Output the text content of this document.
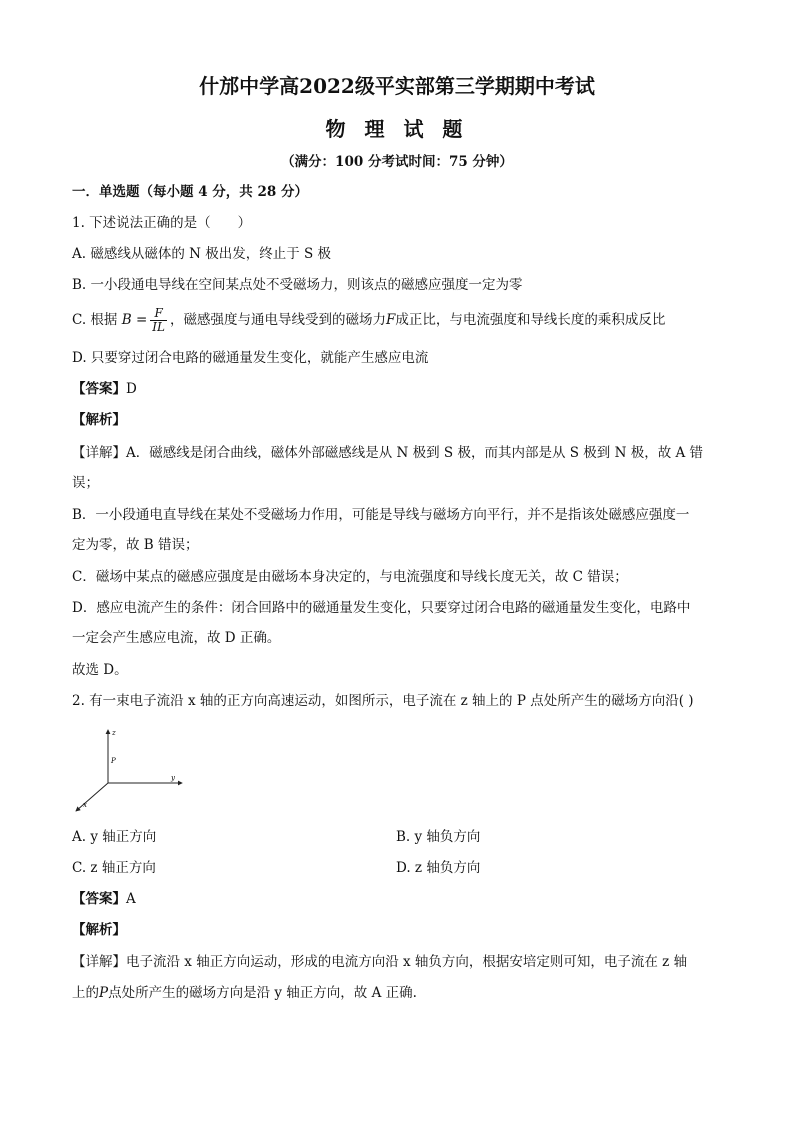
什邡中学高2022级平实部第三学期期中考试
物 理 试 题
（满分：100 分考试时间：75 分钟）
一．单选题（每小题 4 分，共 28 分）
1. 下述说法正确的是（　　）
A. 磁感线从磁体的 N 极出发，终止于 S 极
B. 一小段通电导线在空间某点处不受磁场力，则该点的磁感应强度一定为零
C. 根据 $B = \frac{F}{IL}$ ，磁感强度与通电导线受到的磁场力F成正比，与电流强度和导线长度的乘积成反比
D. 只要穿过闭合电路的磁通量发生变化，就能产生感应电流
【答案】D
【解析】
【详解】A．磁感线是闭合曲线，磁体外部磁感线是从 N 极到 S 极，而其内部是从 S 极到 N 极，故 A 错
误；
B．一小段通电直导线在某处不受磁场力作用，可能是导线与磁场方向平行，并不是指该处磁感应强度一
定为零，故 B 错误；
C．磁场中某点的磁感应强度是由磁场本身决定的，与电流强度和导线长度无关，故 C 错误；
D．感应电流产生的条件：闭合回路中的磁通量发生变化，只要穿过闭合电路的磁通量发生变化，电路中
一定会产生感应电流，故 D 正确。
故选 D。
2. 有一束电子流沿 x 轴的正方向高速运动，如图所示，电子流在 z 轴上的 P 点处所产生的磁场方向沿( )
z
P
y
x
A. y 轴正方向	B. y 轴负方向
C. z 轴正方向	D. z 轴负方向
【答案】A
【解析】
【详解】电子流沿 x 轴正方向运动，形成的电流方向沿 x 轴负方向，根据安培定则可知，电子流在 z 轴
上的P点处所产生的磁场方向是沿 y 轴正方向，故 A 正确.
